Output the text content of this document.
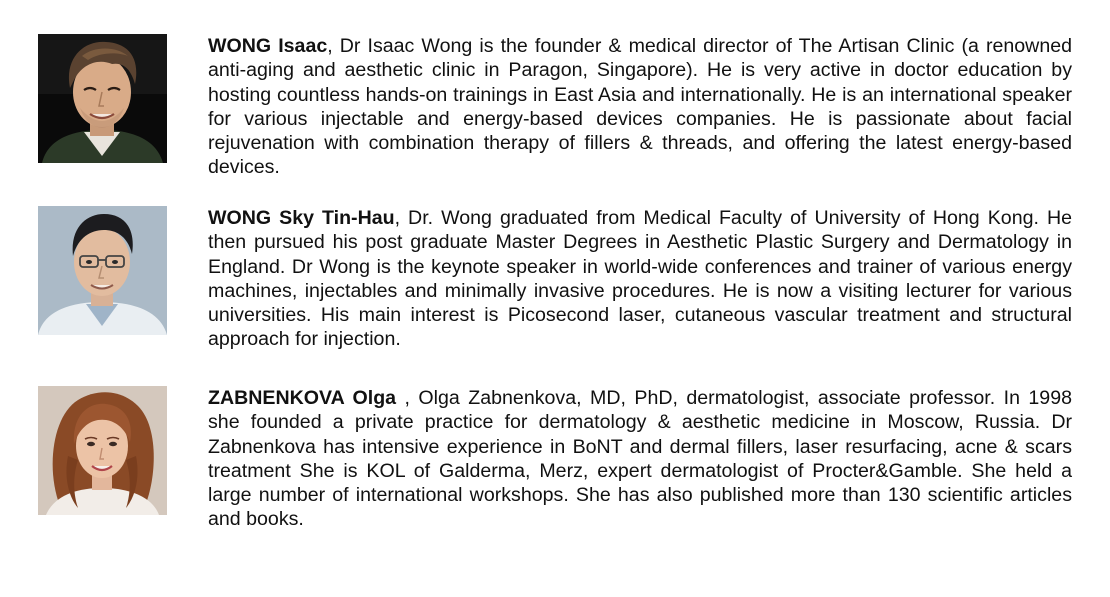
WONG Isaac, Dr Isaac Wong is the founder & medical director of The Artisan Clinic (a renowned anti-aging and aesthetic clinic in Paragon, Singapore). He is very active in doctor education by hosting countless hands-on trainings in East Asia and internationally. He is an international speaker for various injectable and energy-based devices companies. He is passionate about facial rejuvenation with combination therapy of fillers & threads, and offering the latest energy-based devices.

WONG Sky Tin-Hau, Dr. Wong graduated from Medical Faculty of University of Hong Kong. He then pursued his post graduate Master Degrees in Aesthetic Plastic Surgery and Dermatology in England. Dr Wong is the keynote speaker in world-wide conferences and trainer of various energy machines, injectables and minimally invasive procedures. He is now a visiting lecturer for various universities. His main interest is Picosecond laser, cutaneous vascular treatment and structural approach for injection.

ZABNENKOVA Olga , Olga Zabnenkova, MD, PhD, dermatologist, associate professor. In 1998 she founded a private practice for dermatology & aesthetic medicine in Moscow, Russia. Dr Zabnenkova has intensive experience in BoNT and dermal fillers, laser resurfacing, acne & scars treatment She is KOL of Galderma, Merz, expert dermatologist of Procter&Gamble. She held a large number of international workshops. She has also published more than 130 scientific articles and books.
